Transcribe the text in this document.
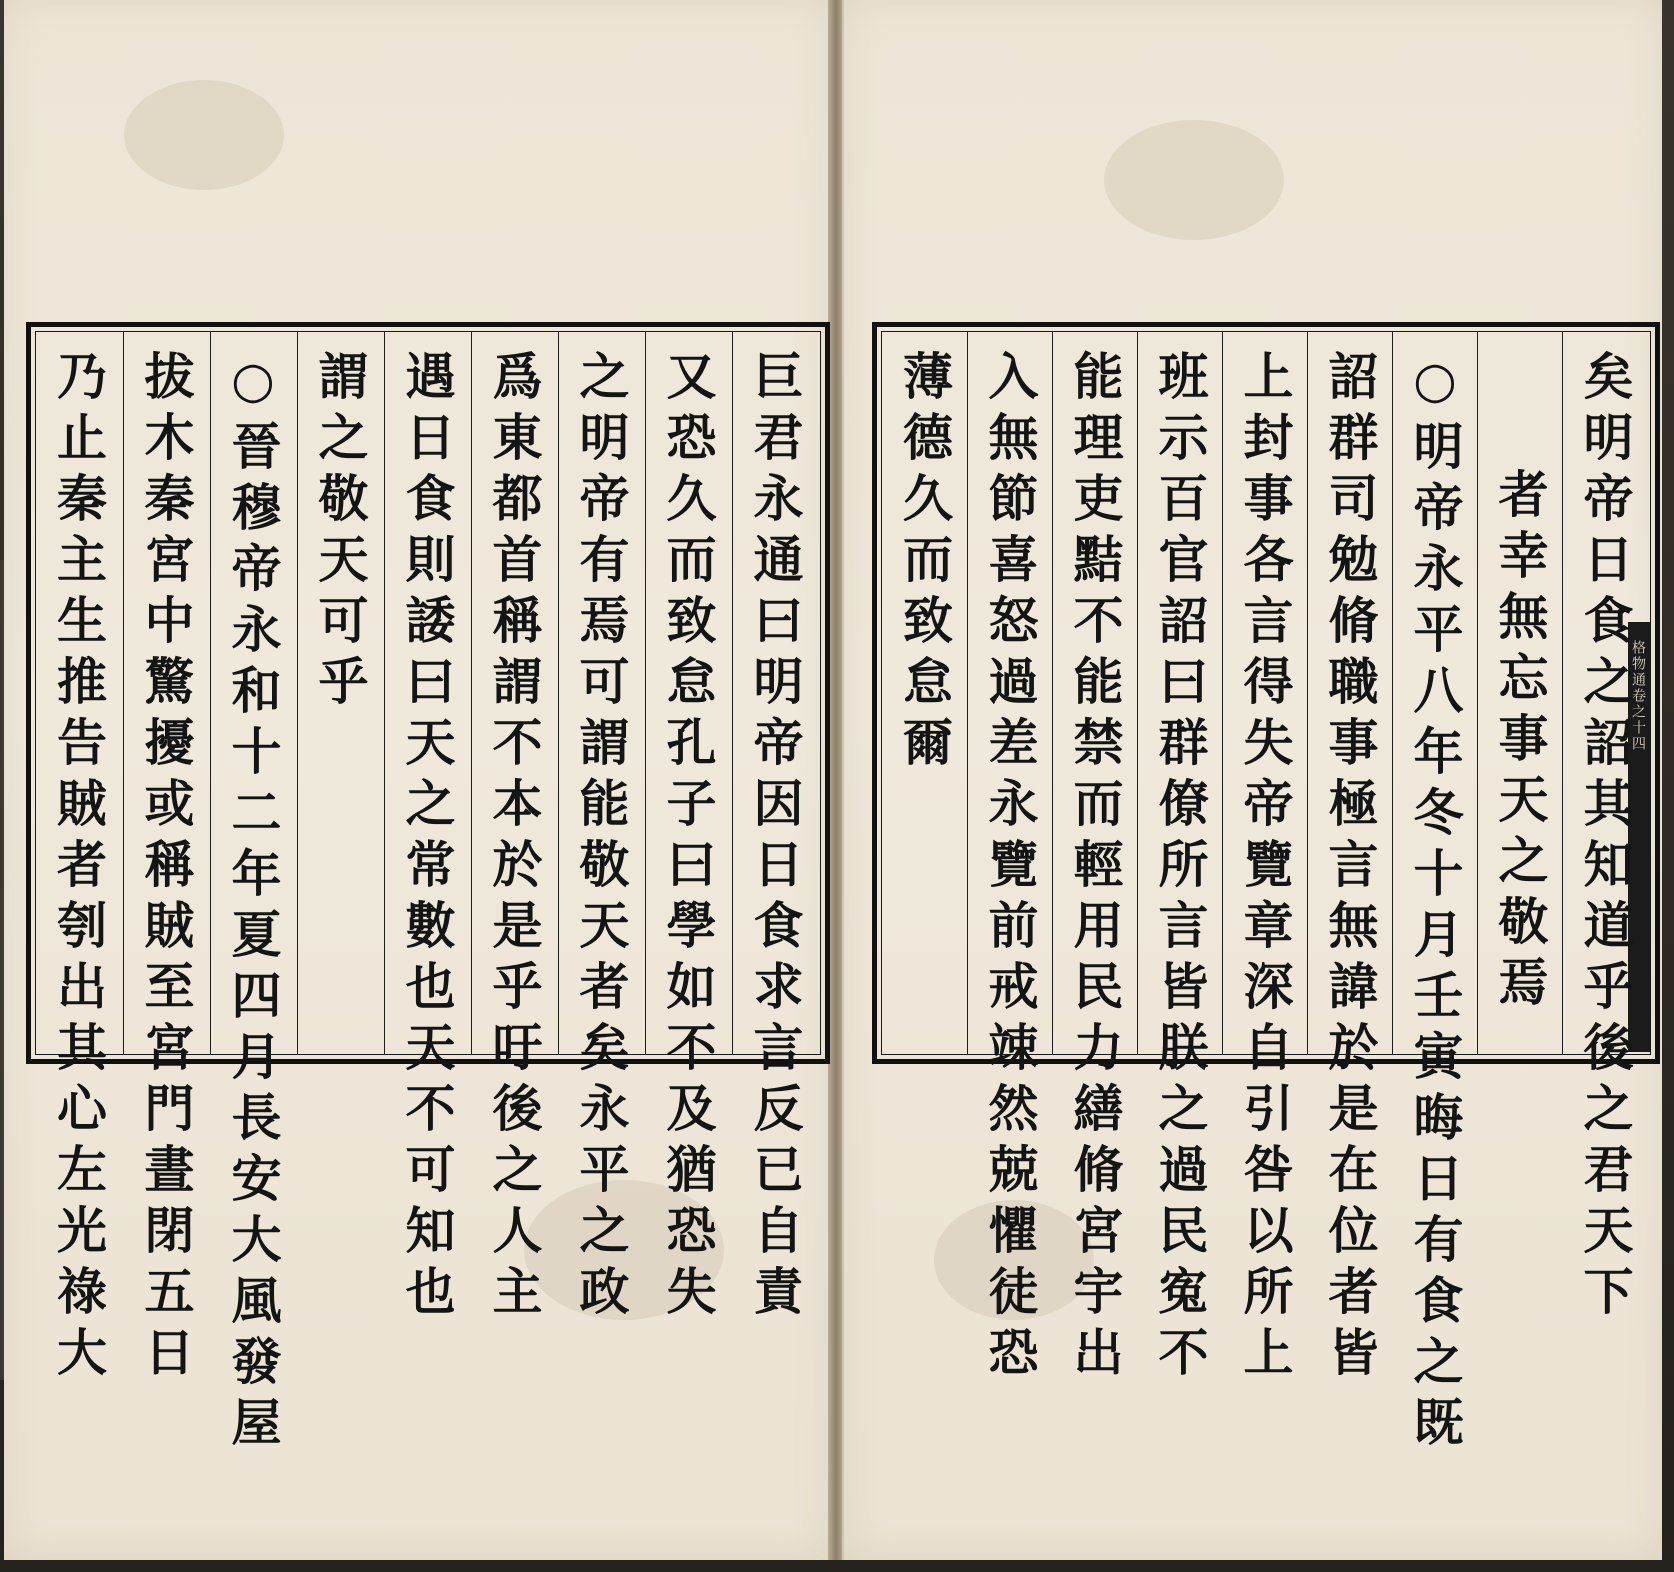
格物通卷之十四
乃止秦主生推告賊者刳出其心左光祿大 拔木秦宮中驚擾或稱賊至宮門晝閉五日 ○晉穆帝永和十二年夏四月長安大風發屋 謂之敬天可乎 遇日食則諉曰天之常數也天不可知也 爲東都首稱謂不本於是乎吁後之人主 之明帝有焉可謂能敬天者矣永平之政 又恐久而致怠孔子曰學如不及猶恐失 巨君永通曰明帝因日食求言反已自責 薄德久而致怠爾 入無節喜怒過差永覽前戒竦然兢懼徒恐 能理吏黠不能禁而輕用民力繕脩宮宇出 班示百官詔曰群僚所言皆朕之過民寃不 上封事各言得失帝覽章深自引咎以所上 詔群司勉脩職事極言無諱於是在位者皆 ○明帝永平八年冬十月壬寅晦日有食之既 者幸無忘事天之敬焉 矣明帝日食之詔其知道乎後之君天下
